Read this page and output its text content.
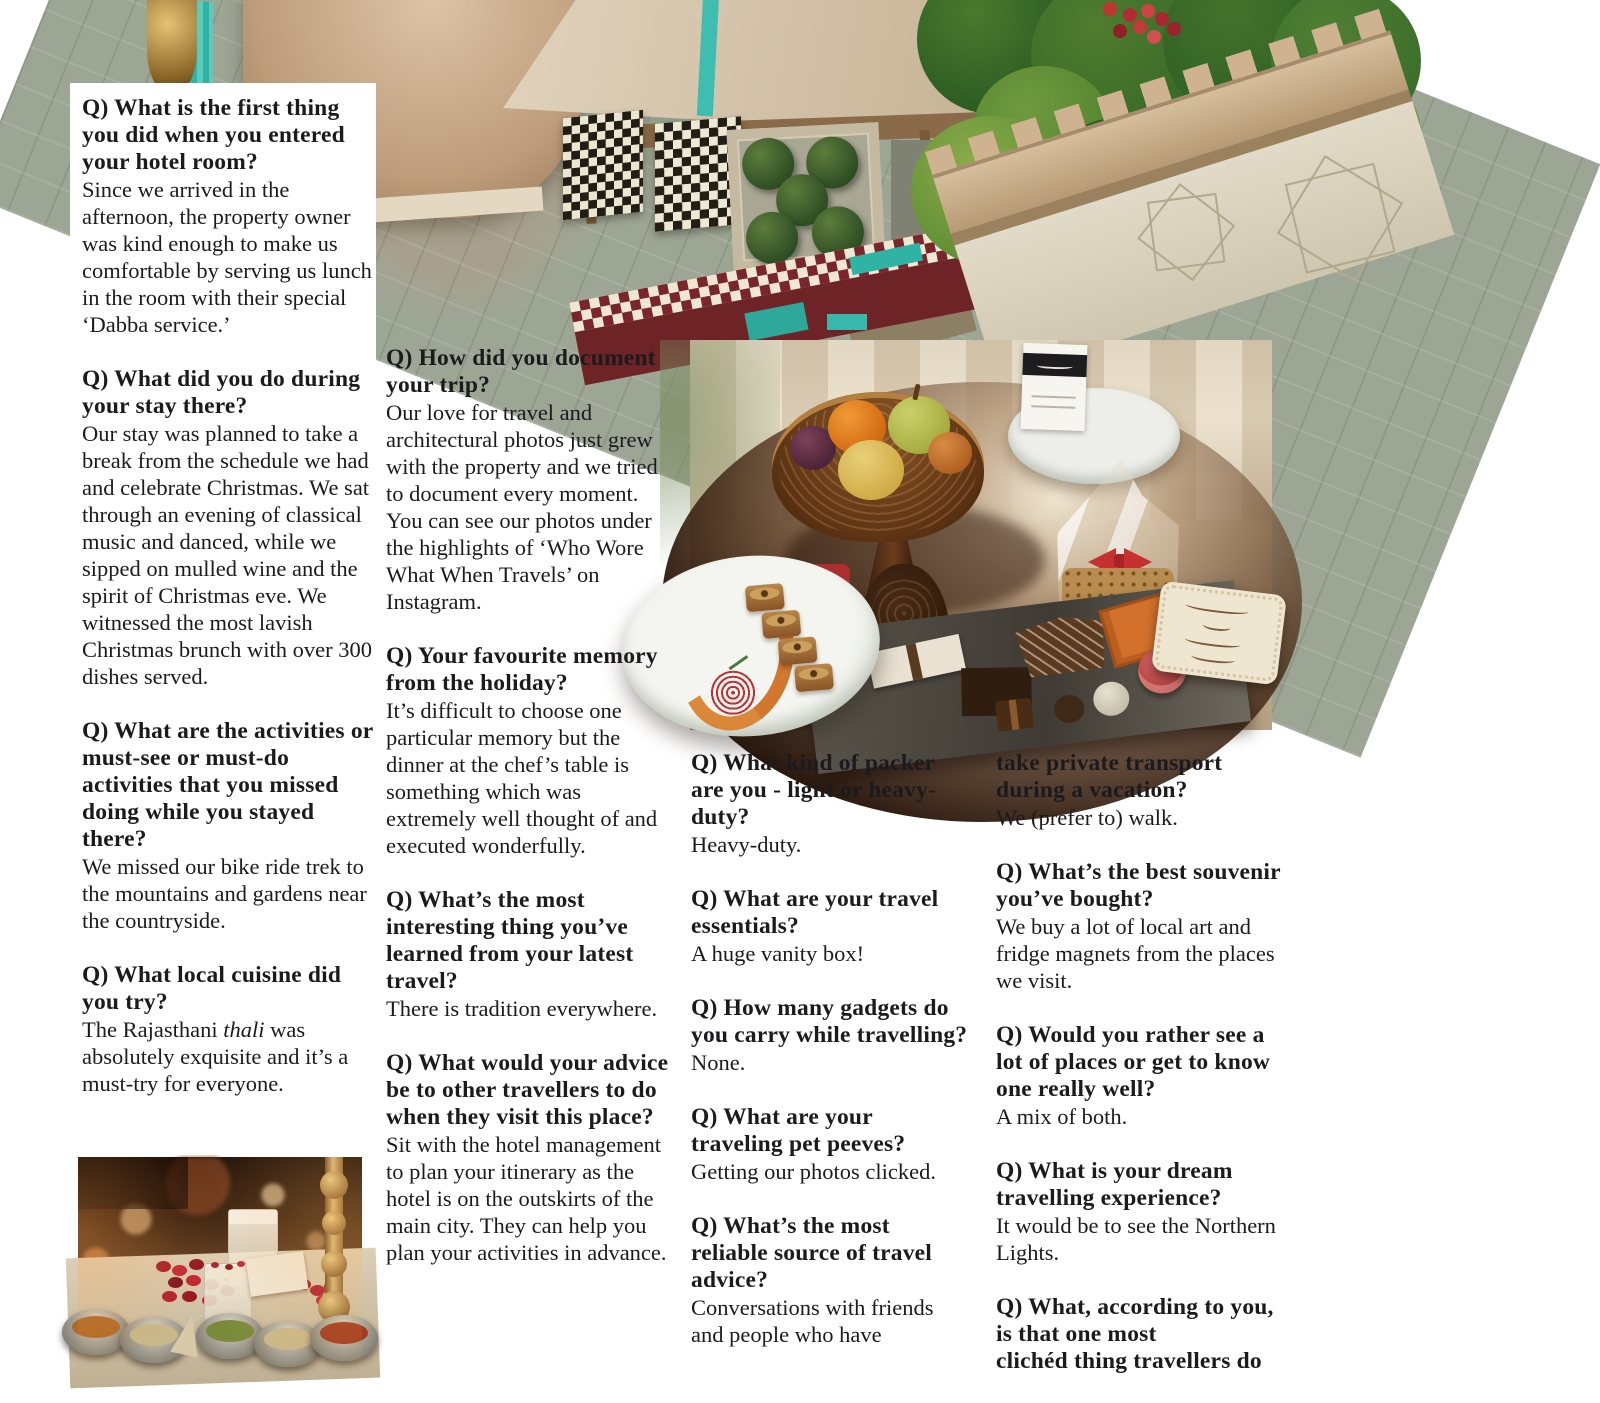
Q) What is the first thing you did when you entered your hotel room?
Since we arrived in the afternoon, the property owner was kind enough to make us comfortable by serving us lunch in the room with their special ‘Dabba service.’
Q) What did you do during your stay there?
Our stay was planned to take a break from the schedule we had and celebrate Christmas. We sat through an evening of classical music and danced, while we sipped on mulled wine and the spirit of Christmas eve. We witnessed the most lavish Christmas brunch with over 300 dishes served.
Q) What are the activities or must-see or must-do activities that you missed doing while you stayed there?
We missed our bike ride trek to the mountains and gardens near the countryside.
Q) What local cuisine did you try?
The Rajasthani thali was absolutely exquisite and it’s a must-try for everyone.
Q) How did you document your trip?
Our love for travel and architectural photos just grew with the property and we tried to document every moment. You can see our photos under the highlights of ‘Who Wore What When Travels’ on Instagram.
Q) Your favourite memory from the holiday?
It’s difficult to choose one particular memory but the dinner at the chef’s table is something which was extremely well thought of and executed wonderfully.
Q) What’s the most interesting thing you’ve learned from your latest travel?
There is tradition everywhere.
Q) What would your advice be to other travellers to do when they visit this place?
Sit with the hotel management to plan your itinerary as the hotel is on the outskirts of the main city. They can help you plan your activities in advance.
Q) What kind of packer are you - light or heavy-duty?
Heavy-duty.
Q) What are your travel essentials?
A huge vanity box!
Q) How many gadgets do you carry while travelling?
None.
Q) What are your traveling pet peeves?
Getting our photos clicked.
Q) What’s the most reliable source of travel advice?
Conversations with friends and people who have
take private transport during a vacation?
We (prefer to) walk.
Q) What’s the best souvenir you’ve bought?
We buy a lot of local art and fridge magnets from the places we visit.
Q) Would you rather see a lot of places or get to know one really well?
A mix of both.
Q) What is your dream travelling experience?
It would be to see the Northern Lights.
Q) What, according to you, is that one most
clichéd thing travellers do
